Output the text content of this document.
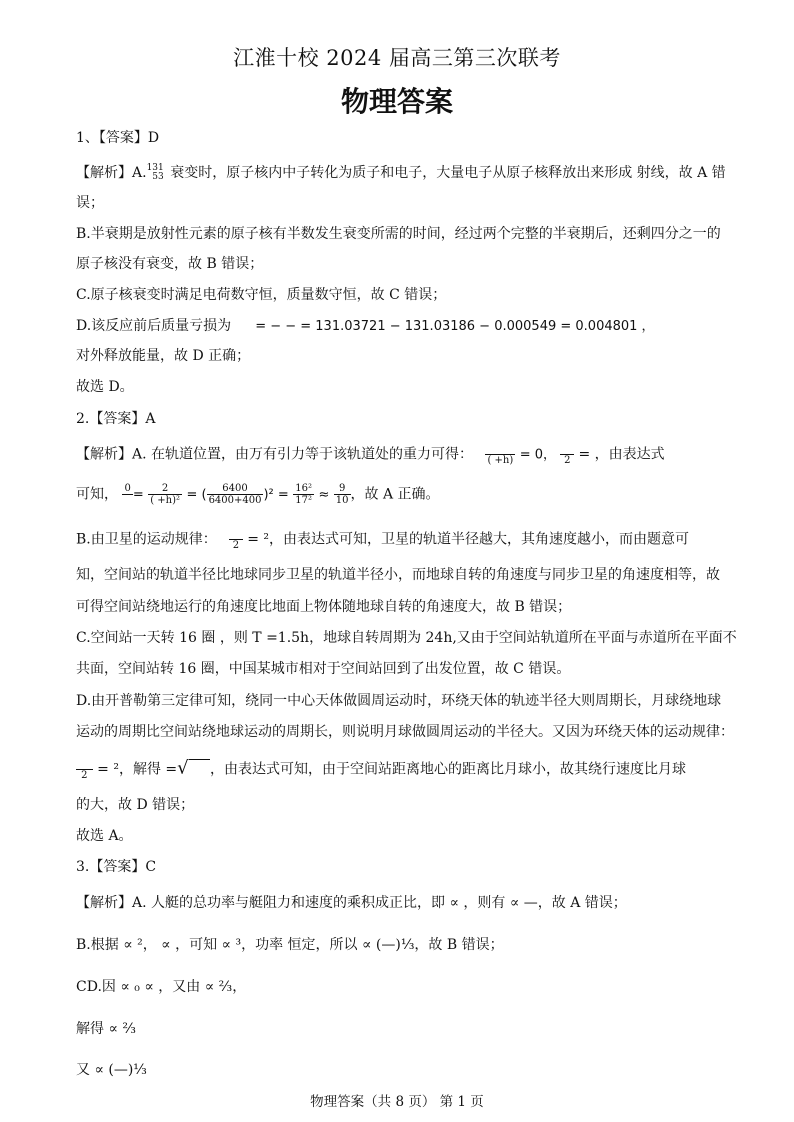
江淮十校 2024 届高三第三次联考
物理答案
1、【答案】D
【解析】A. 131
53 衰变时，原子核内中子转化为质子和电子，大量电子从原子核释放出来形成 射线，故 A 错
误；
B.半衰期是放射性元素的原子核有半数发生衰变所需的时间，经过两个完整的半衰期后，还剩四分之一的
原子核没有衰变，故 B 错误；
C.原子核衰变时满足电荷数守恒，质量数守恒，故 C 错误；
D.该反应前后质量亏损为 = − − = 131.03721 − 131.03186 − 0.000549 = 0.004801 ，
对外释放能量，故 D 正确；
故选 D。
2.【答案】A
【解析】A. 在轨道位置，由万有引力等于该轨道处的重力可得：
( +h) = 0，
2 = ，由表达式
可知， 0
= $\frac{2}{\text{( +h)²}}$ = ( $\frac{6400}{6400+400} )^2 = \frac{\text{16²}}{\text{17²}} \approx \frac{9}{10}$ ，故 A 正确。
B.由卫星的运动规律：
	2 = ²，由表达式可知，卫星的轨道半径越大，其角速度越小，而由题意可
知，空间站的轨道半径比地球同步卫星的轨道半径小，而地球自转的角速度与同步卫星的角速度相等，故
可得空间站绕地运行的角速度比地面上物体随地球自转的角速度大，故 B 错误；
C.空间站一天转 16 圈 ，则 T =1.5h，地球自转周期为 24h,又由于空间站轨道所在平面与赤道所在平面不
共面，空间站转 16 圈，中国某城市相对于空间站回到了出发位置，故 C 错误。
D.由开普勒第三定律可知，绕同一中心天体做圆周运动时，环绕天体的轨迹半径大则周期长，月球绕地球
运动的周期比空间站绕地球运动的周期长，则说明月球做圆周运动的半径大。又因为环绕天体的运动规律：

2 = ²，解得 =√ ，由表达式可知，由于空间站距离地心的距离比月球小，故其绕行速度比月球
的大，故 D 错误；
故选 A。
3.【答案】C
【解析】A. 人艇的总功率与艇阻力和速度的乘积成正比，即 ∝ ，则有 ∝ —，故 A 错误；
B.根据 ∝ ²， ∝ ，可知 ∝ ³，功率 恒定，所以 ∝ (—)⅓，故 B 错误；
CD.因 ∝ ₀ ∝ ，又由 ∝ ⅔，
解得 ∝ ⅔
又 ∝ (—)⅓
物理答案（共 8 页） 第 1 页
